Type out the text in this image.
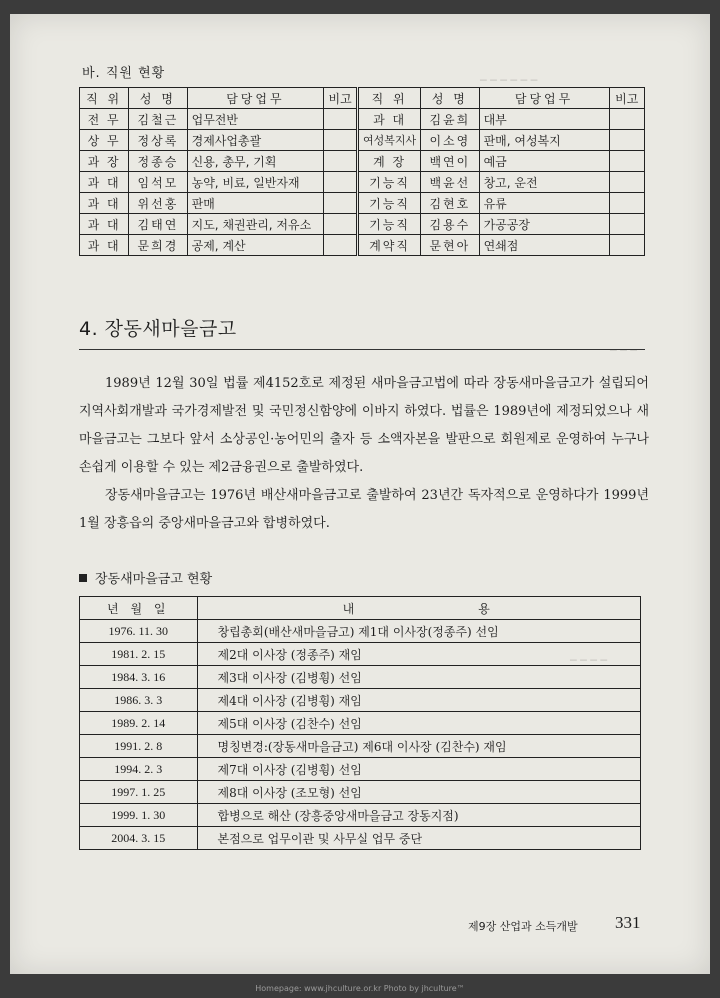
─ ─ ─ ─ ─ ─
─ ─ ─
─ ─ ─ ─
바. 직원 현황
직 위	성 명	담당업무	비고	직 위	성 명	담당업무	비고
전 무	김철근	업무전반		과 대	김윤희	대부	
상 무	정상록	경제사업총괄		여성복지사	이소영	판매, 여성복지	
과 장	정종승	신용, 총무, 기획		계 장	백연이	예금	
과 대	임석모	농약, 비료, 일반자재		기능직	백윤선	창고, 운전	
과 대	위선홍	판매		기능직	김현호	유류	
과 대	김태연	지도, 채권관리, 저유소		기능직	김용수	가공공장	
과 대	문희경	공제, 계산		계약직	문현아	연쇄점	
4. 장동새마을금고

1989년 12월 30일 법률 제4152호로 제정된 새마을금고법에 따라 장동새마을금고가 설립되어 지역사회개발과 국가경제발전 및 국민정신함양에 이바지 하였다. 법률은 1989년에 제정되었으나 새마을금고는 그보다 앞서 소상공인·농어민의 출자 등 소액자본을 발판으로 회원제로 운영하여 누구나 손쉽게 이용할 수 있는 제2금융권으로 출발하였다.

장동새마을금고는 1976년 배산새마을금고로 출발하여 23년간 독자적으로 운영하다가 1999년 1월 장흥읍의 중앙새마을금고와 합병하였다.

장동새마을금고 현황
년 월 일	내	용
1976. 11. 30	창립총회(배산새마을금고) 제1대 이사장(정종주) 선임	
1981. 2. 15	제2대 이사장 (정종주) 재임	
1984. 3. 16	제3대 이사장 (김병휭) 선임	
1986. 3. 3	제4대 이사장 (김병휭) 재임	
1989. 2. 14	제5대 이사장 (김찬수) 선임	
1991. 2. 8	명칭변경:(장동새마을금고) 제6대 이사장 (김찬수) 재임	
1994. 2. 3	제7대 이사장 (김병휭) 선임	
1997. 1. 25	제8대 이사장 (조모형) 선임	
1999. 1. 30	합병으로 해산 (장흥중앙새마을금고 장동지점)	
2004. 3. 15	본점으로 업무이관 및 사무실 업무 중단	
제9장 산업과 소득개발 331
Homepage: www.jhculture.or.kr Photo by jhculture™
